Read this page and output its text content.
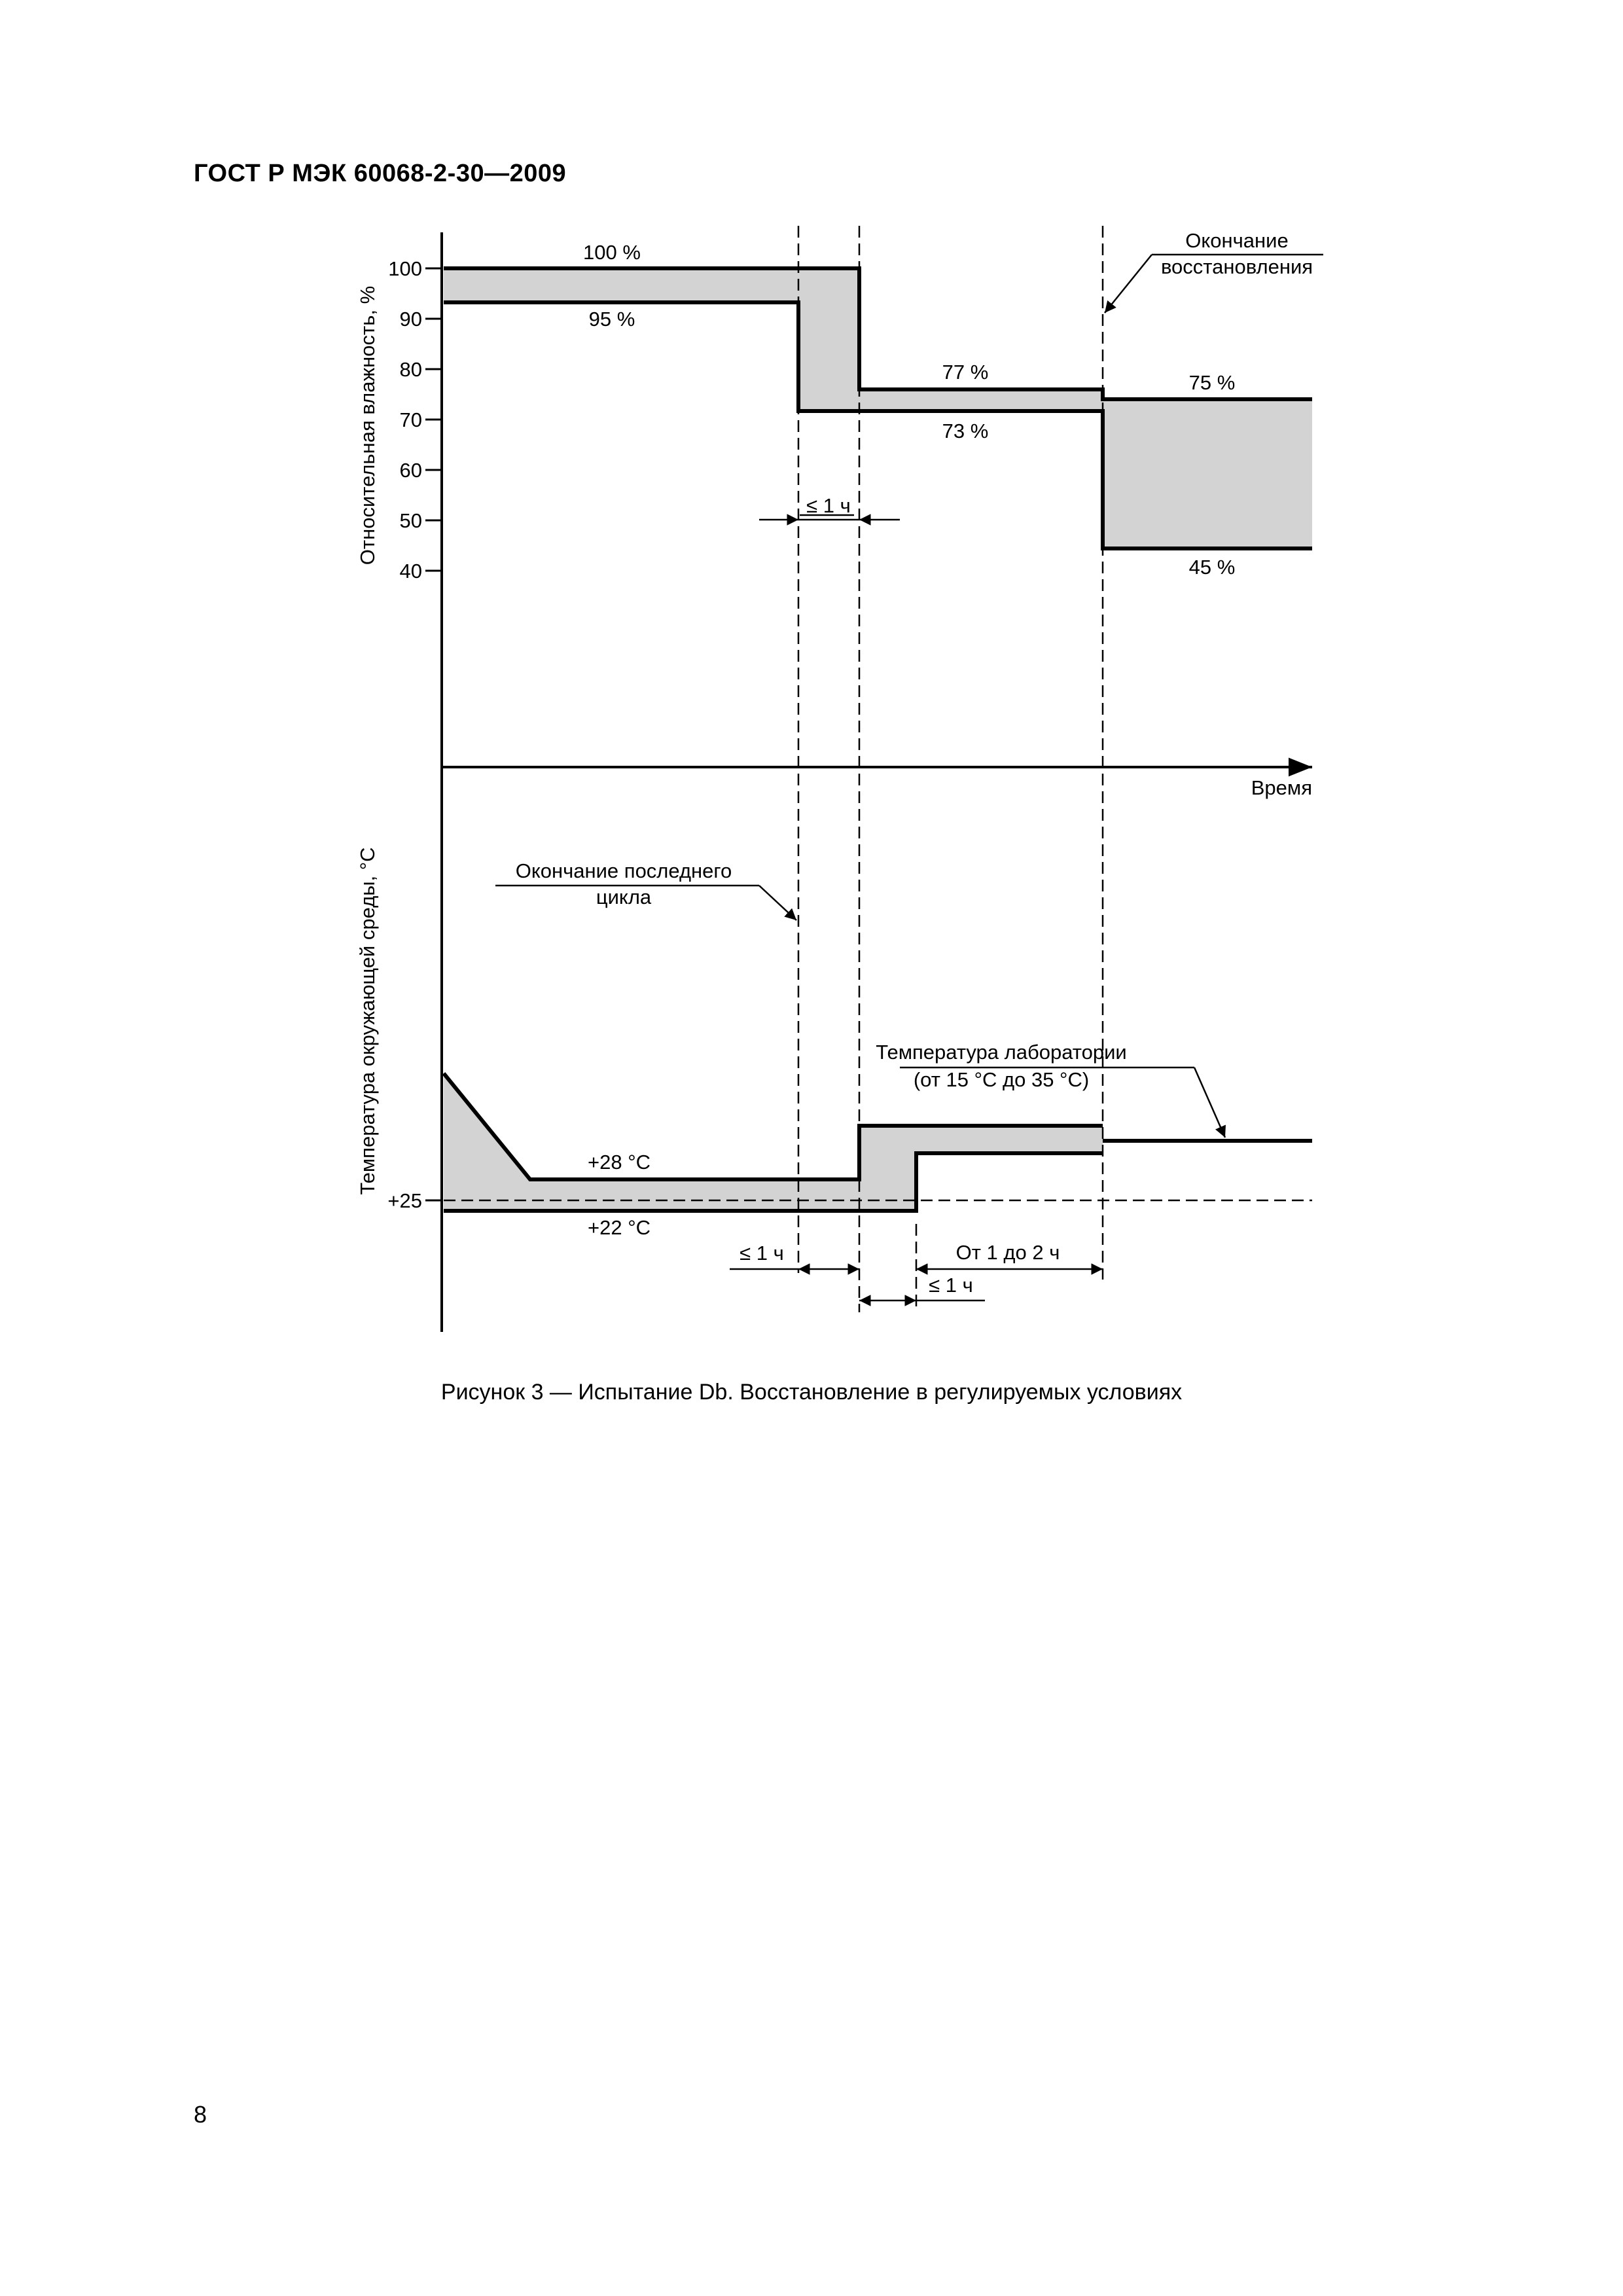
ГОСТ Р МЭК 60068-2-30—2009
Время
100
90
80
70
60
50
40
Относительная влажность, %
+25
Температура окружающей среды, °С
100 %
95 %
77 %
73 %
75 %
45 %
+28 °С
+22 °С
Окончание
восстановления
Окончание последнего
цикла
Температура лаборатории
(от 15 °С до 35 °С)
≤ 1 ч
≤ 1 ч
≤ 1 ч
От 1 до 2 ч
Рисунок 3 — Испытание Db. Восстановление в регулируемых условиях
8
